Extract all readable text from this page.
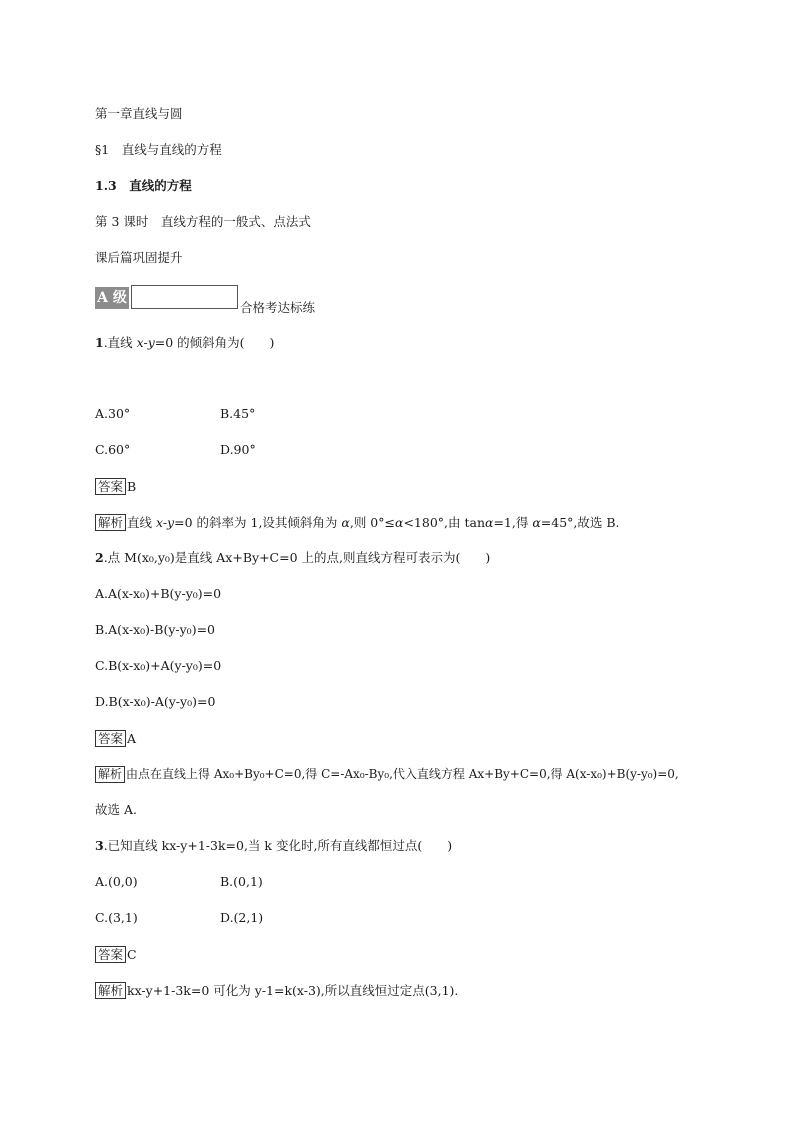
第一章直线与圆
§1　直线与直线的方程
1.3　直线的方程
第 3 课时　直线方程的一般式、点法式
课后篇巩固提升
A 级
合格考达标练
1.直线 x-y=0 的倾斜角为(　　)
A.30°	B.45°
C.60°	D.90°
答案 B
解析 直线 x-y=0 的斜率为 1,设其倾斜角为 α,则 0°≤α<180°,由 tanα=1,得 α=45°,故选 B.
2.点 M(x₀,y₀)是直线 Ax+By+C=0 上的点,则直线方程可表示为(　　)
A.A(x-x₀)+B(y-y₀)=0
B.A(x-x₀)-B(y-y₀)=0
C.B(x-x₀)+A(y-y₀)=0
D.B(x-x₀)-A(y-y₀)=0
答案 A
解析 由点在直线上得 Ax₀+By₀+C=0,得 C=-Ax₀-By₀,代入直线方程 Ax+By+C=0,得 A(x-x₀)+B(y-y₀)=0,
故选 A.
3.已知直线 kx-y+1-3k=0,当 k 变化时,所有直线都恒过点(　　)
A.(0,0)	B.(0,1)
C.(3,1)	D.(2,1)
答案 C
解析 kx-y+1-3k=0 可化为 y-1=k(x-3),所以直线恒过定点(3,1).
